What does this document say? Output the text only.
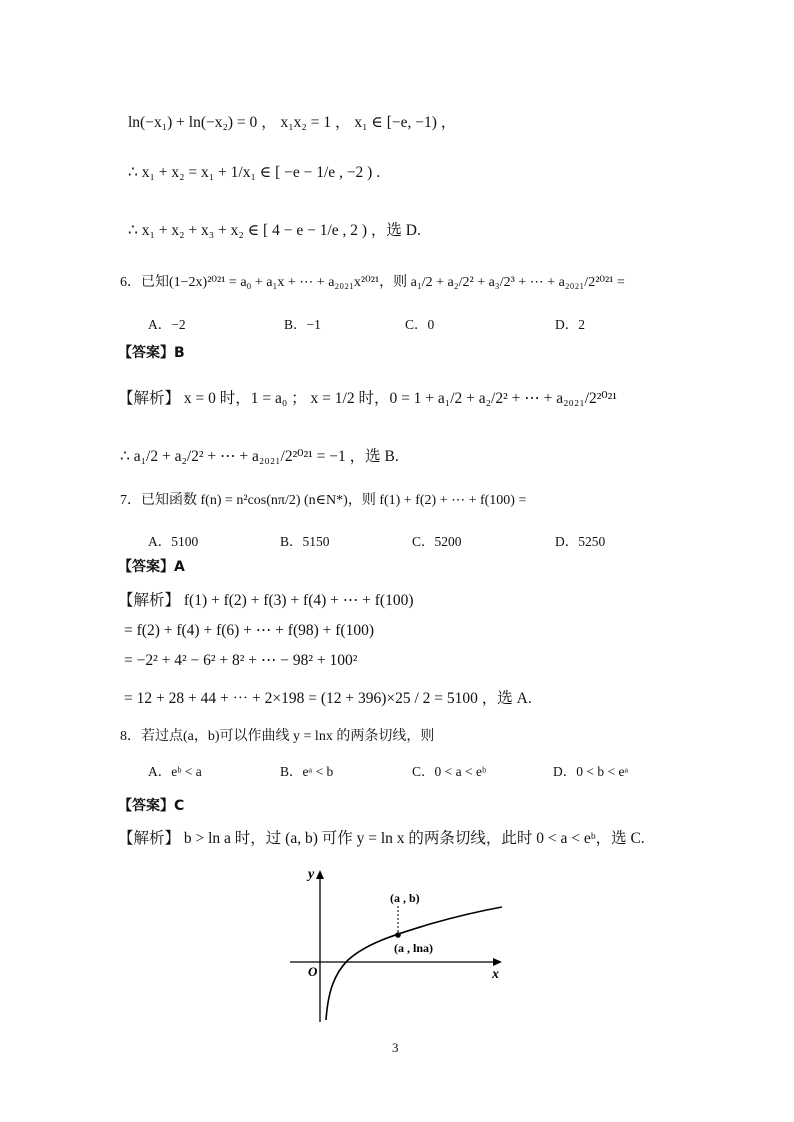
ln(−x₁) + ln(−x₂) = 0 ， x₁x₂ = 1 ， x₁ ∈ [−e, −1) ，
∴ x₁ + x₂ = x₁ + 1/x₁ ∈ [ −e − 1/e , −2 ) .
∴ x₁ + x₂ + x₃ + x₂ ∈ [ 4 − e − 1/e , 2 ) ，选 D.
6．已知(1−2x)²⁰²¹ = a₀ + a₁x + ⋯ + a₂₀₂₁x²⁰²¹，则 a₁/2 + a₂/2² + a₃/2³ + ⋯ + a₂₀₂₁/2²⁰²¹ =
A．−2	B．−1	C．0	D．2
【答案】B
【解析】 x = 0 时，1 = a₀ ； x = 1/2 时，0 = 1 + a₁/2 + a₂/2² + ⋯ + a₂₀₂₁/2²⁰²¹
∴ a₁/2 + a₂/2² + ⋯ + a₂₀₂₁/2²⁰²¹ = −1 ，选 B.
7．已知函数 f(n) = n²cos(nπ/2) (n∈N*)，则 f(1) + f(2) + ⋯ + f(100) =
A．5100	B．5150	C．5200	D．5250
【答案】A
【解析】 f(1) + f(2) + f(3) + f(4) + ⋯ + f(100)
= f(2) + f(4) + f(6) + ⋯ + f(98) + f(100)
= −2² + 4² − 6² + 8² + ⋯ − 98² + 100²
= 12 + 28 + 44 + ⋯ + 2×198 = (12 + 396)×25 / 2 = 5100 ，选 A.
8．若过点(a，b)可以作曲线 y = lnx 的两条切线，则
A．eᵇ < a	B．eᵃ < b	C．0 < a < eᵇ	D．0 < b < eᵃ
【答案】C
【解析】 b > ln a 时，过 (a, b) 可作 y = ln x 的两条切线，此时 0 < a < eᵇ，选 C.
y
x
O
(a , b)
(a , lna)
3
